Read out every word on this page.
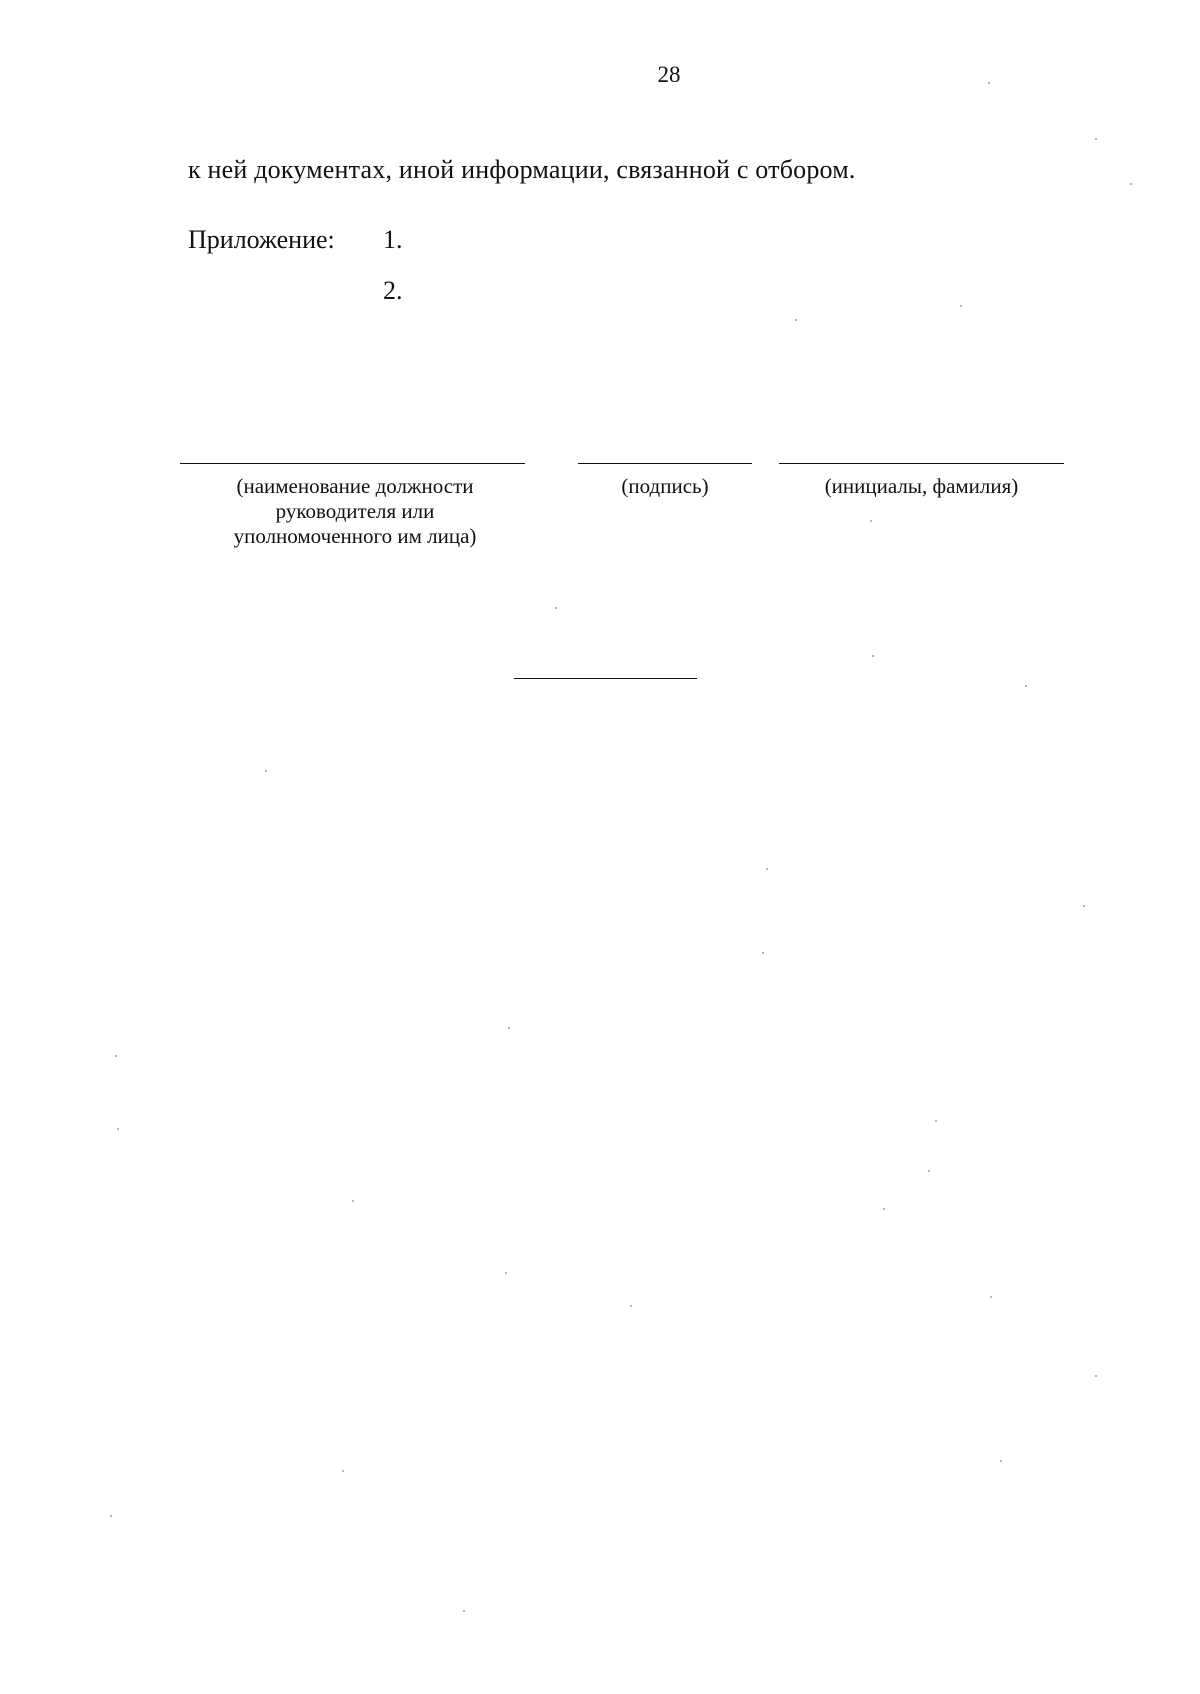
28
к ней документах, иной информации, связанной с отбором.
Приложение: 1.
2.
(наименование должности
руководителя или
уполномоченного им лица)
(подпись)	(инициалы, фамилия)
